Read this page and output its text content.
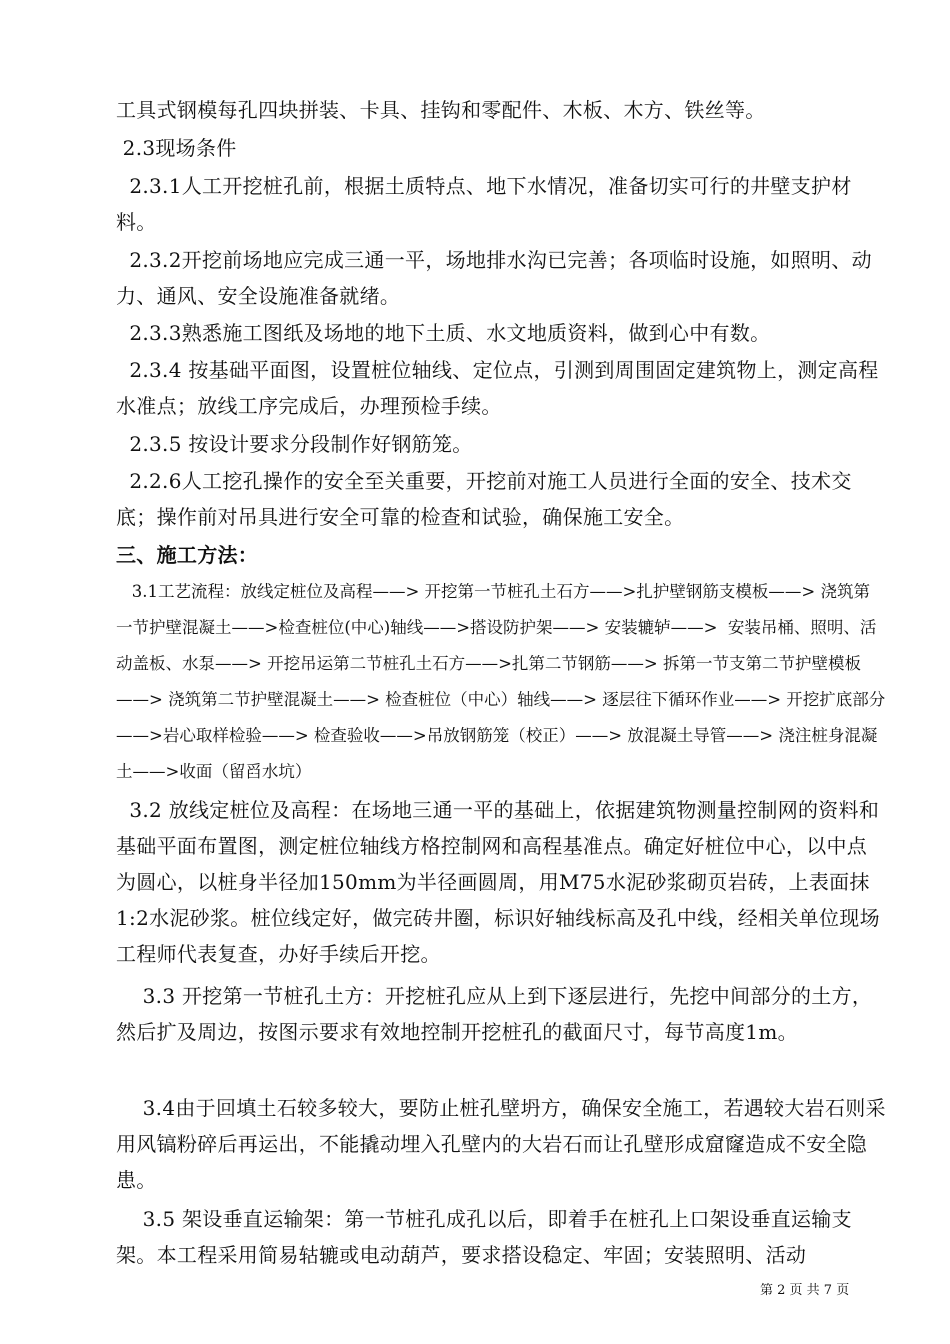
工具式钢模每孔四块拼装、卡具、挂钩和零配件、木板、木方、铁丝等。

2.3现场条件

2.3.1人工开挖桩孔前，根据土质特点、地下水情况，准备切实可行的井壁支护材料。

2.3.2开挖前场地应完成三通一平，场地排水沟已完善；各项临时设施，如照明、动力、通风、安全设施准备就绪。

2.3.3熟悉施工图纸及场地的地下土质、水文地质资料，做到心中有数。

2.3.4 按基础平面图，设置桩位轴线、定位点，引测到周围固定建筑物上，测定高程水准点；放线工序完成后，办理预检手续。

2.3.5 按设计要求分段制作好钢筋笼。

2.2.6人工挖孔操作的安全至关重要，开挖前对施工人员进行全面的安全、技术交底；操作前对吊具进行安全可靠的检查和试验，确保施工安全。

三、施工方法：

3.1工艺流程：放线定桩位及高程——> 开挖第一节桩孔土石方——>扎护壁钢筋支模板——> 浇筑第一节护壁混凝土——>检查桩位(中心)轴线——>搭设防护架——> 安装辘轳——>  安装吊桶、照明、活动盖板、水泵——> 开挖吊运第二节桩孔土石方——>扎第二节钢筋——> 拆第一节支第二节护壁模板——> 浇筑第二节护壁混凝土——> 检查桩位（中心）轴线——> 逐层往下循环作业——> 开挖扩底部分——>岩心取样检验——> 检查验收——>吊放钢筋笼（校正）——> 放混凝土导管——> 浇注桩身混凝土——>收面（留舀水坑）

3.2 放线定桩位及高程：在场地三通一平的基础上，依据建筑物测量控制网的资料和基础平面布置图，测定桩位轴线方格控制网和高程基准点。确定好桩位中心，以中点为圆心，以桩身半径加150mm为半径画圆周，用M75水泥砂浆砌页岩砖，上表面抹1:2水泥砂浆。桩位线定好，做完砖井圈，标识好轴线标高及孔中线，经相关单位现场工程师代表复查，办好手续后开挖。

3.3 开挖第一节桩孔土方：开挖桩孔应从上到下逐层进行，先挖中间部分的土方，然后扩及周边，按图示要求有效地控制开挖桩孔的截面尺寸，每节高度1m。

3.4由于回填土石较多较大，要防止桩孔壁坍方，确保安全施工，若遇较大岩石则采用风镐粉碎后再运出，不能撬动埋入孔壁内的大岩石而让孔壁形成窟窿造成不安全隐患。

3.5 架设垂直运输架：第一节桩孔成孔以后，即着手在桩孔上口架设垂直运输支架。本工程采用简易轱辘或电动葫芦，要求搭设稳定、牢固；安装照明、活动

第 2 页 共 7 页
